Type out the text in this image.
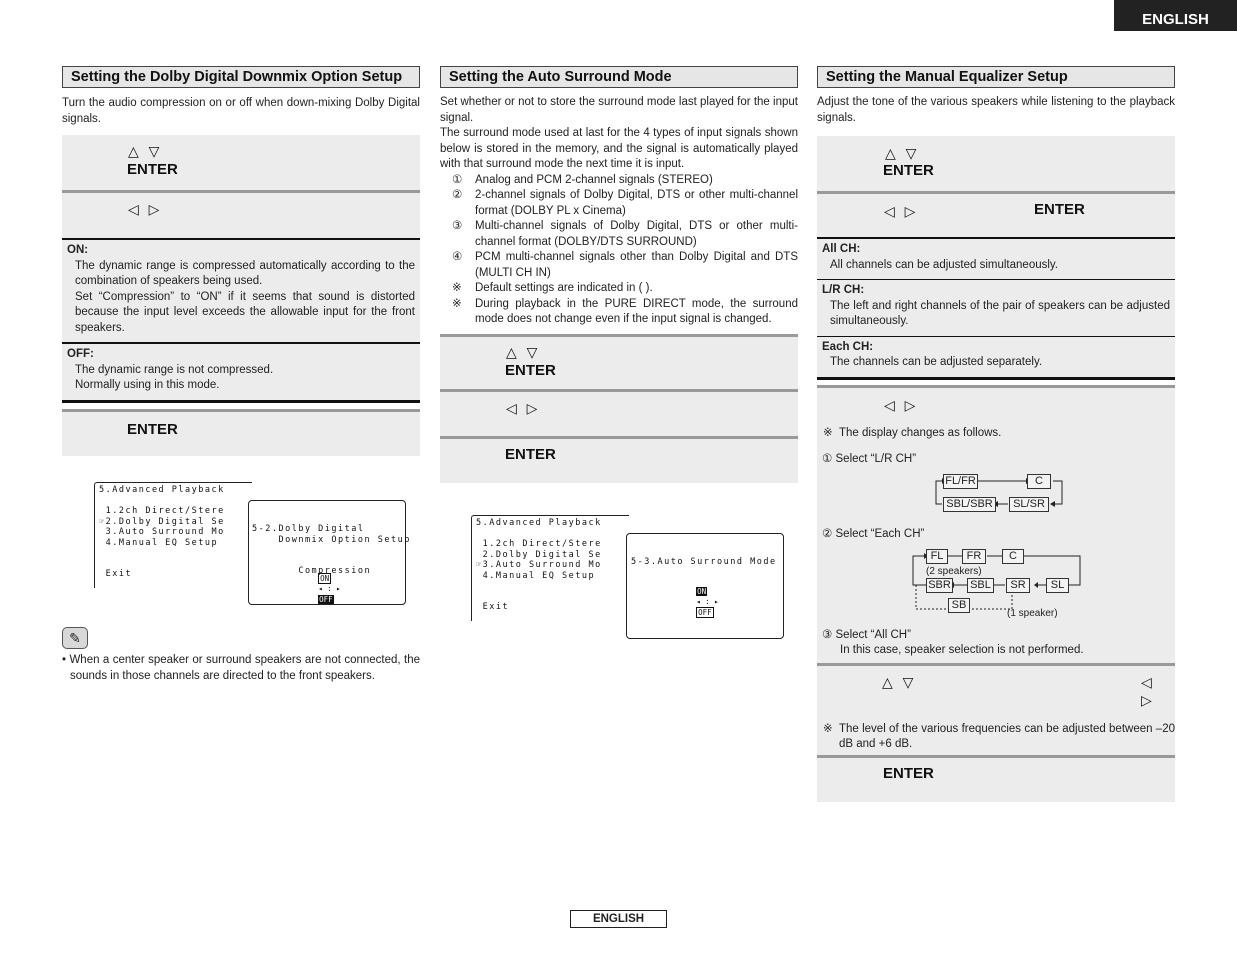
ENGLISH
Setting the Dolby Digital Downmix Option Setup
Turn the audio compression on or off when down-mixing Dolby Digital signals.
△ ▽
ENTER
◁ ▷
ON:
The dynamic range is compressed automatically according to the combination of speakers being used.
Set “Compression” to “ON” if it seems that sound is distorted because the input level exceeds the allowable input for the front speakers.
OFF:
The dynamic range is not compressed.
Normally using in this mode.
ENTER
5.Advanced Playback

1.2ch Direct/Stere
☞2.Dolby Digital Se
3.Auto Surround Mo
4.Manual EQ Setup

Exit

5-2.Dolby Digital
Downmix Option Setup

Compression

ON
◂ : ▸
OFF

✎
• When a center speaker or surround speakers are not connected, the sounds in those channels are directed to the front speakers.
Setting the Auto Surround Mode
Set whether or not to store the surround mode last played for the input signal.
The surround mode used at last for the 4 types of input signals shown below is stored in the memory, and the signal is automatically played with that surround mode the next time it is input.
① Analog and PCM 2-channel signals (STEREO)
② 2-channel signals of Dolby Digital, DTS or other multi-channel format (DOLBY PL x Cinema)
③ Multi-channel signals of Dolby Digital, DTS or other multi-channel format (DOLBY/DTS SURROUND)
④ PCM multi-channel signals other than Dolby Digital and DTS (MULTI CH IN)
※ Default settings are indicated in ( ).
※ During playback in the PURE DIRECT mode, the surround mode does not change even if the input signal is changed.
△ ▽
ENTER
◁ ▷
ENTER
5.Advanced Playback

1.2ch Direct/Stere
2.Dolby Digital Se
☞3.Auto Surround Mo
4.Manual EQ Setup

Exit

5-3.Auto Surround Mode

ON
◂ : ▸
OFF

Setting the Manual Equalizer Setup
Adjust the tone of the various speakers while listening to the playback signals.
△ ▽
ENTER
◁ ▷	ENTER
All CH:
All channels can be adjusted simultaneously.
L/R CH:
The left and right channels of the pair of speakers can be adjusted simultaneously.
Each CH:
The channels can be adjusted separately.
◁ ▷
※ The display changes as follows.
① Select “L/R CH”
② Select “Each CH”
③ Select “All CH”
In this case, speaker selection is not performed.
△ ▽	◁ ▷
※ The level of the various frequencies can be adjusted between –20 dB and +6 dB.
ENTER
FL/FR	C
SBL/SBR	SL/SR
FL	FR	C
(2 speakers)
SBR SBL	SR	SL
SB
(1 speaker)
ENGLISH
